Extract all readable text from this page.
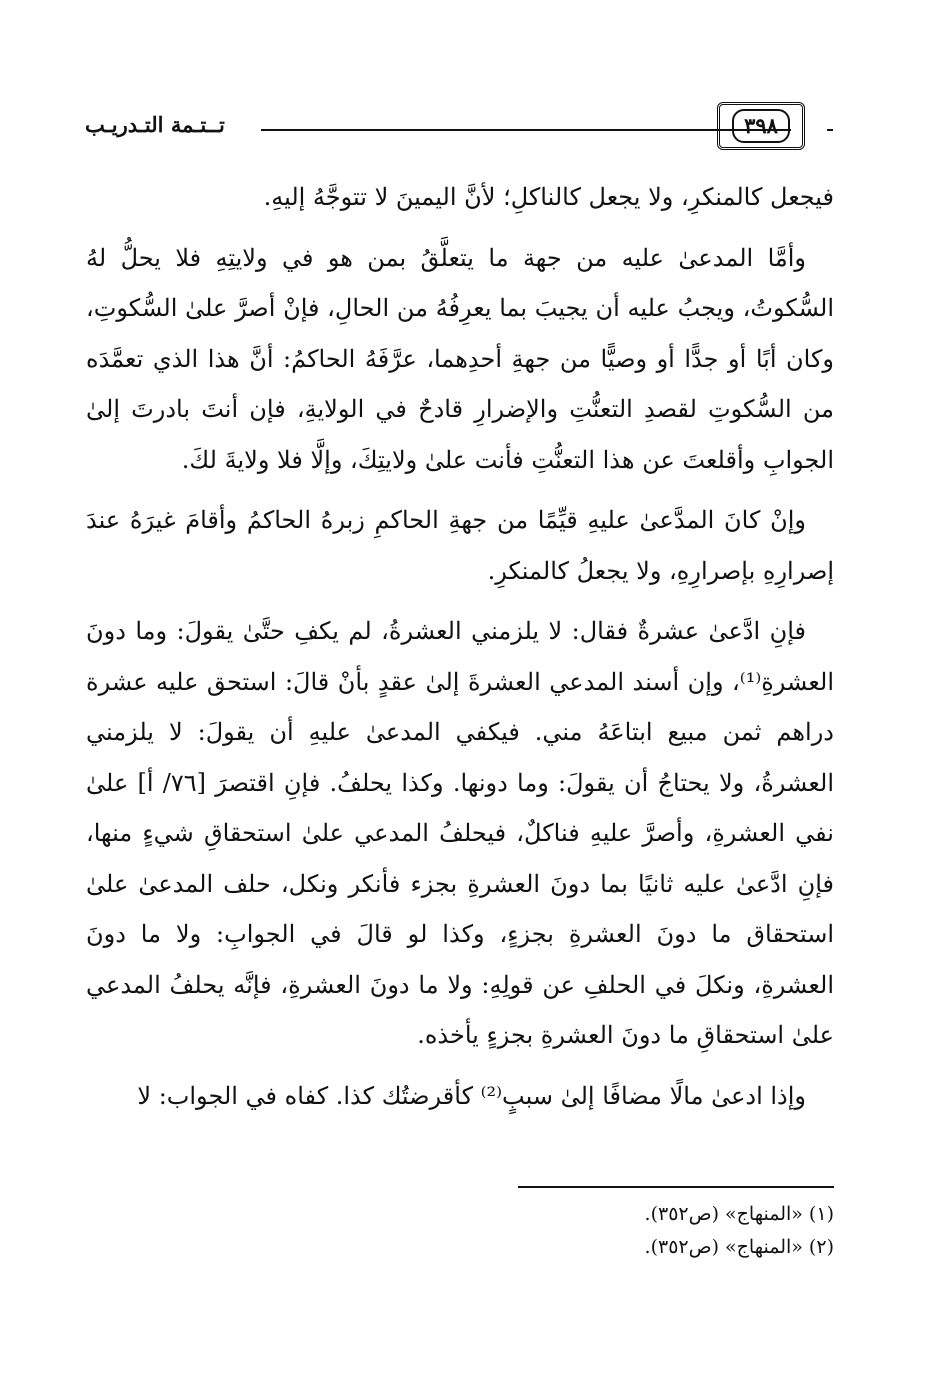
تــتـمة التـدريـب	٣٩٨

فيجعل كالمنكرِ، ولا يجعل كالناكلِ؛ لأنَّ اليمينَ لا تتوجَّهُ إليهِ.

وأمَّا المدعىٰ عليه من جهة ما يتعلَّقُ بمن هو في ولايتِهِ فلا يحلُّ لهُ السُّكوتُ، ويجبُ عليه أن يجيبَ بما يعرِفُهُ من الحالِ، فإنْ أصرَّ علىٰ السُّكوتِ، وكان أبًا أو جدًّا أو وصيًّا من جهةِ أحدِهما، عرَّفَهُ الحاكمُ: أنَّ هذا الذي تعمَّدَه من السُّكوتِ لقصدِ التعنُّتِ والإضرارِ قادحٌ في الولايةِ، فإن أنتَ بادرتَ إلىٰ الجوابِ وأقلعتَ عن هذا التعنُّتِ فأنت علىٰ ولايتِكَ، وإلَّا فلا ولايةَ لكَ.

وإنْ كانَ المدَّعىٰ عليهِ قيِّمًا من جهةِ الحاكمِ زبرهُ الحاكمُ وأقامَ غيرَهُ عندَ إصرارِهِ بإصرارِهِ، ولا يجعلُ كالمنكرِ.

فإنِ ادَّعىٰ عشرةٌ فقال: لا يلزمني العشرةُ، لم يكفِ حتَّىٰ يقولَ: وما دونَ العشرةِ⁽¹⁾، وإن أسند المدعي العشرةَ إلىٰ عقدٍ بأنْ قالَ: استحق عليه عشرة دراهم ثمن مبيع ابتاعَهُ مني. فيكفي المدعىٰ عليهِ أن يقولَ: لا يلزمني العشرةُ، ولا يحتاجُ أن يقولَ: وما دونها. وكذا يحلفُ. فإنِ اقتصرَ [٧٦/ أ] علىٰ نفي العشرةِ، وأصرَّ عليهِ فناكلٌ، فيحلفُ المدعي علىٰ استحقاقِ شيءٍ منها، فإنِ ادَّعىٰ عليه ثانيًا بما دونَ العشرةِ بجزء فأنكر ونكل، حلف المدعىٰ علىٰ استحقاق ما دونَ العشرةِ بجزءٍ، وكذا لو قالَ في الجوابِ: ولا ما دونَ العشرةِ، ونكلَ في الحلفِ عن قولِهِ: ولا ما دونَ العشرةِ، فإنَّه يحلفُ المدعي علىٰ استحقاقِ ما دونَ العشرةِ بجزءٍ يأخذه.

وإذا ادعىٰ مالًا مضافًا إلىٰ سببٍ⁽²⁾ كأقرضتُك كذا. كفاه في الجواب: لا

(١) «المنهاج» (ص٣٥٢).
(٢) «المنهاج» (ص٣٥٢).
